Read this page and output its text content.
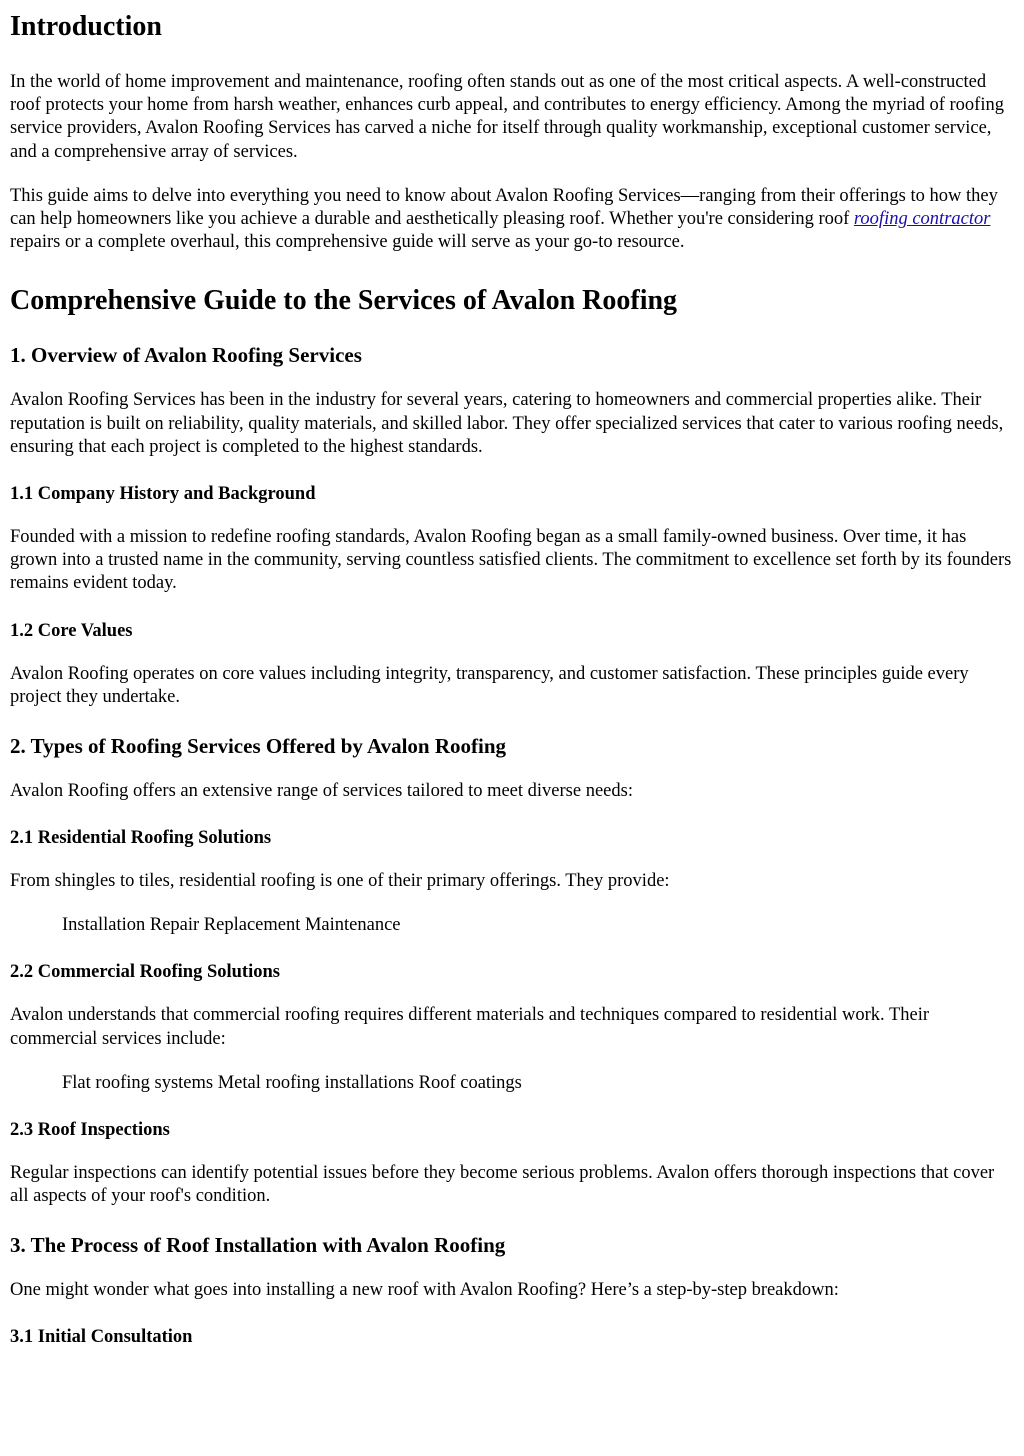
Introduction

In the world of home improvement and maintenance, roofing often stands out as one of the most critical aspects. A well-constructed roof protects your home from harsh weather, enhances curb appeal, and contributes to energy efficiency. Among the myriad of roofing service providers, Avalon Roofing Services has carved a niche for itself through quality workmanship, exceptional customer service, and a comprehensive array of services.

This guide aims to delve into everything you need to know about Avalon Roofing Services—ranging from their offerings to how they can help homeowners like you achieve a durable and aesthetically pleasing roof. Whether you're considering roof roofing contractor repairs or a complete overhaul, this comprehensive guide will serve as your go-to resource.

Comprehensive Guide to the Services of Avalon Roofing
1. Overview of Avalon Roofing Services

Avalon Roofing Services has been in the industry for several years, catering to homeowners and commercial properties alike. Their reputation is built on reliability, quality materials, and skilled labor. They offer specialized services that cater to various roofing needs, ensuring that each project is completed to the highest standards.

1.1 Company History and Background

Founded with a mission to redefine roofing standards, Avalon Roofing began as a small family-owned business. Over time, it has grown into a trusted name in the community, serving countless satisfied clients. The commitment to excellence set forth by its founders remains evident today.

1.2 Core Values

Avalon Roofing operates on core values including integrity, transparency, and customer satisfaction. These principles guide every project they undertake.

2. Types of Roofing Services Offered by Avalon Roofing

Avalon Roofing offers an extensive range of services tailored to meet diverse needs:

2.1 Residential Roofing Solutions

From shingles to tiles, residential roofing is one of their primary offerings. They provide:

Installation Repair Replacement Maintenance
2.2 Commercial Roofing Solutions

Avalon understands that commercial roofing requires different materials and techniques compared to residential work. Their commercial services include:

Flat roofing systems Metal roofing installations Roof coatings
2.3 Roof Inspections

Regular inspections can identify potential issues before they become serious problems. Avalon offers thorough inspections that cover all aspects of your roof's condition.

3. The Process of Roof Installation with Avalon Roofing

One might wonder what goes into installing a new roof with Avalon Roofing? Here’s a step-by-step breakdown:

3.1 Initial Consultation
